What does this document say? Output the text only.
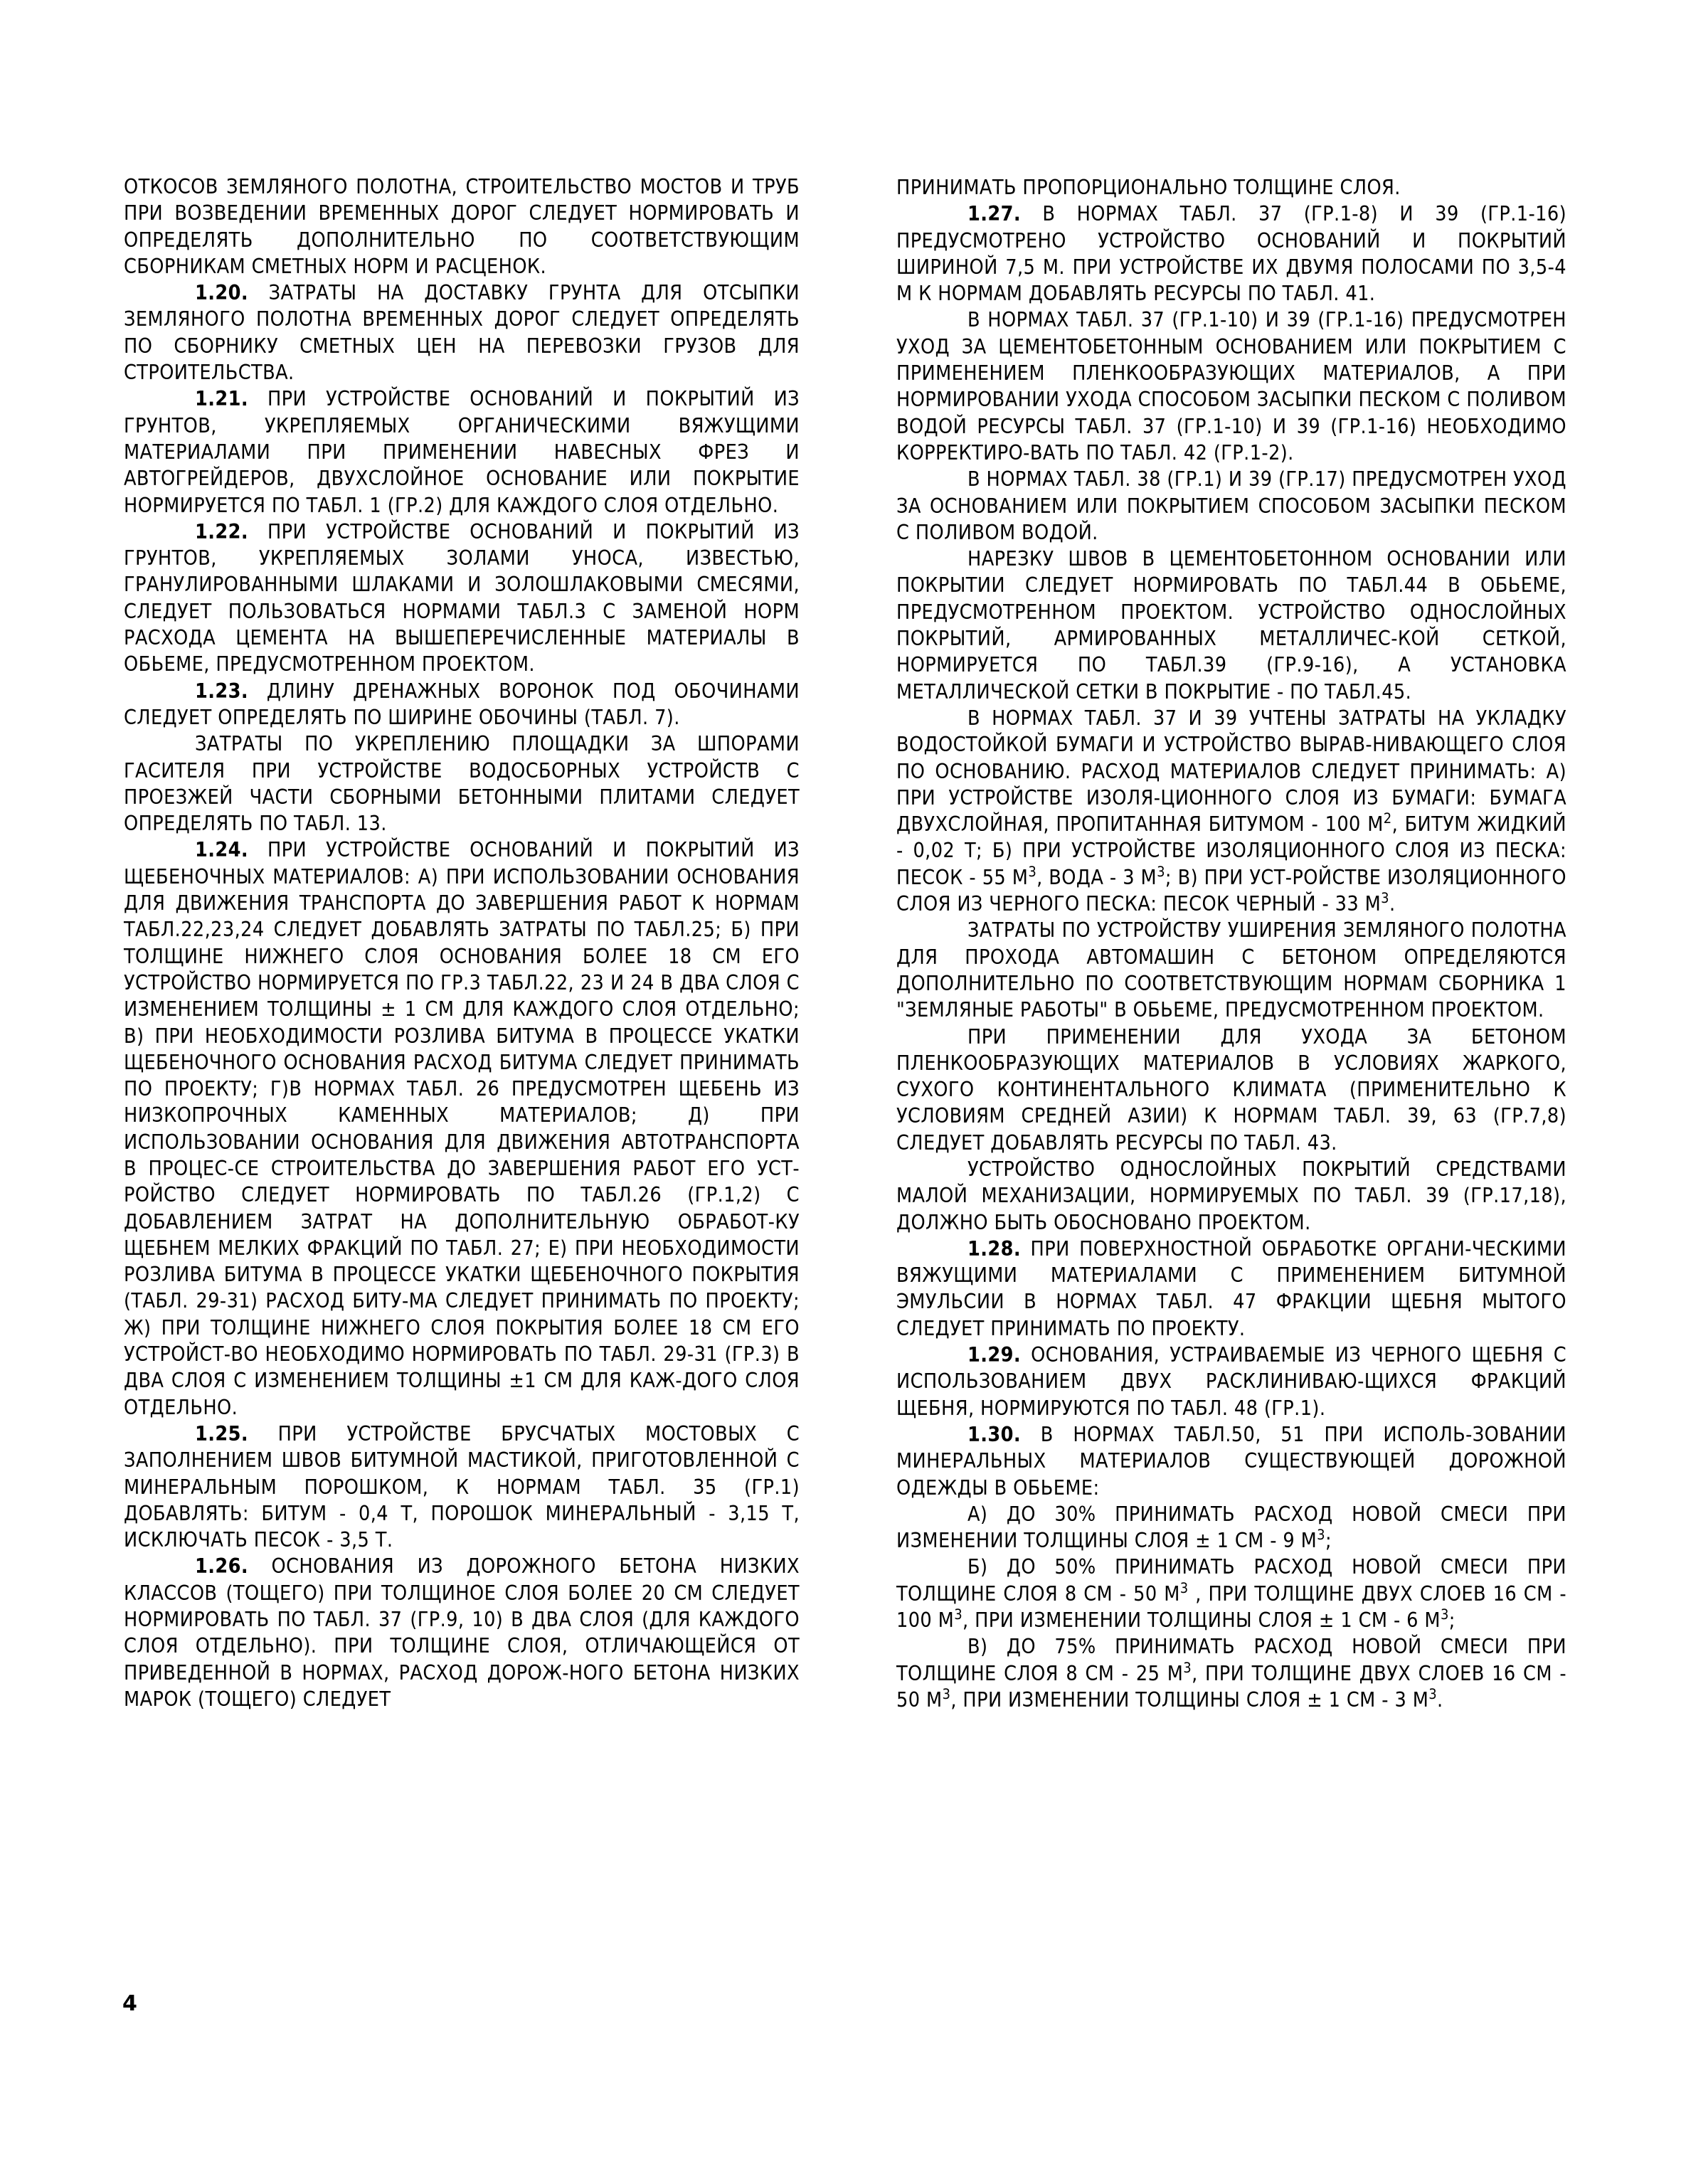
ОТКОСОВ ЗЕМЛЯНОГО ПОЛОТНА, СТРОИТЕЛЬСТВО МОСТОВ И ТРУБ ПРИ ВОЗВЕДЕНИИ ВРЕМЕННЫХ ДОРОГ СЛЕДУЕТ НОРМИРОВАТЬ И ОПРЕДЕЛЯТЬ ДОПОЛНИТЕЛЬНО ПО СООТВЕТСТВУЮЩИМ СБОРНИКАМ СМЕТНЫХ НОРМ И РАСЦЕНОК.

1.20. ЗАТРАТЫ НА ДОСТАВКУ ГРУНТА ДЛЯ ОТСЫПКИ ЗЕМЛЯНОГО ПОЛОТНА ВРЕМЕННЫХ ДОРОГ СЛЕДУЕТ ОПРЕДЕЛЯТЬ ПО СБОРНИКУ СМЕТНЫХ ЦЕН НА ПЕРЕВОЗКИ ГРУЗОВ ДЛЯ СТРОИТЕЛЬСТВА.

1.21. ПРИ УСТРОЙСТВЕ ОСНОВАНИЙ И ПОКРЫТИЙ ИЗ ГРУНТОВ, УКРЕПЛЯЕМЫХ ОРГАНИЧЕСКИМИ ВЯЖУЩИМИ МАТЕРИАЛАМИ ПРИ ПРИМЕНЕНИИ НАВЕСНЫХ ФРЕЗ И АВТОГРЕЙДЕРОВ, ДВУХСЛОЙНОЕ ОСНОВАНИЕ ИЛИ ПОКРЫТИЕ НОРМИРУЕТСЯ ПО ТАБЛ. 1 (ГР.2) ДЛЯ КАЖДОГО СЛОЯ ОТДЕЛЬНО.

1.22. ПРИ УСТРОЙСТВЕ ОСНОВАНИЙ И ПОКРЫТИЙ ИЗ ГРУНТОВ, УКРЕПЛЯЕМЫХ ЗОЛАМИ УНОСА, ИЗВЕСТЬЮ, ГРАНУЛИРОВАННЫМИ ШЛАКАМИ И ЗОЛОШЛАКОВЫМИ СМЕСЯМИ, СЛЕДУЕТ ПОЛЬЗОВАТЬСЯ НОРМАМИ ТАБЛ.3 С ЗАМЕНОЙ НОРМ РАСХОДА ЦЕМЕНТА НА ВЫШЕПЕРЕЧИСЛЕННЫЕ МАТЕРИАЛЫ В ОБЬЕМЕ, ПРЕДУСМОТРЕННОМ ПРОЕКТОМ.

1.23. ДЛИНУ ДРЕНАЖНЫХ ВОРОНОК ПОД ОБОЧИНАМИ СЛЕДУЕТ ОПРЕДЕЛЯТЬ ПО ШИРИНЕ ОБОЧИНЫ (ТАБЛ. 7).

ЗАТРАТЫ ПО УКРЕПЛЕНИЮ ПЛОЩАДКИ ЗА ШПОРАМИ ГАСИТЕЛЯ ПРИ УСТРОЙСТВЕ ВОДОСБОРНЫХ УСТРОЙСТВ С ПРОЕЗЖЕЙ ЧАСТИ СБОРНЫМИ БЕТОННЫМИ ПЛИТАМИ СЛЕДУЕТ ОПРЕДЕЛЯТЬ ПО ТАБЛ. 13.

1.24. ПРИ УСТРОЙСТВЕ ОСНОВАНИЙ И ПОКРЫТИЙ ИЗ ЩЕБЕНОЧНЫХ МАТЕРИАЛОВ: А) ПРИ ИСПОЛЬЗОВАНИИ ОСНОВАНИЯ ДЛЯ ДВИЖЕНИЯ ТРАНСПОРТА ДО ЗАВЕРШЕНИЯ РАБОТ К НОРМАМ ТАБЛ.22,23,24 СЛЕДУЕТ ДОБАВЛЯТЬ ЗАТРАТЫ ПО ТАБЛ.25; Б) ПРИ ТОЛЩИНЕ НИЖНЕГО СЛОЯ ОСНОВАНИЯ БОЛЕЕ 18 СМ ЕГО УСТРОЙСТВО НОРМИРУЕТСЯ ПО ГР.3 ТАБЛ.22, 23 И 24 В ДВА СЛОЯ С ИЗМЕНЕНИЕМ ТОЛЩИНЫ ± 1 СМ ДЛЯ КАЖДОГО СЛОЯ ОТДЕЛЬНО; В) ПРИ НЕОБХОДИМОСТИ РОЗЛИВА БИТУМА В ПРОЦЕССЕ УКАТКИ ЩЕБЕНОЧНОГО ОСНОВАНИЯ РАСХОД БИТУМА СЛЕДУЕТ ПРИНИМАТЬ ПО ПРОЕКТУ; Г)В НОРМАХ ТАБЛ. 26 ПРЕДУСМОТРЕН ЩЕБЕНЬ ИЗ НИЗКОПРОЧНЫХ КАМЕННЫХ МАТЕРИАЛОВ; Д) ПРИ ИСПОЛЬЗОВАНИИ ОСНОВАНИЯ ДЛЯ ДВИЖЕНИЯ АВТОТРАНСПОРТА В ПРОЦЕС-СЕ СТРОИТЕЛЬСТВА ДО ЗАВЕРШЕНИЯ РАБОТ ЕГО УСТ-РОЙСТВО СЛЕДУЕТ НОРМИРОВАТЬ ПО ТАБЛ.26 (ГР.1,2) С ДОБАВЛЕНИЕМ ЗАТРАТ НА ДОПОЛНИТЕЛЬНУЮ ОБРАБОТ-КУ ЩЕБНЕМ МЕЛКИХ ФРАКЦИЙ ПО ТАБЛ. 27; Е) ПРИ НЕОБХОДИМОСТИ РОЗЛИВА БИТУМА В ПРОЦЕССЕ УКАТКИ ЩЕБЕНОЧНОГО ПОКРЫТИЯ (ТАБЛ. 29-31) РАСХОД БИТУ-МА СЛЕДУЕТ ПРИНИМАТЬ ПО ПРОЕКТУ; Ж) ПРИ ТОЛЩИНЕ НИЖНЕГО СЛОЯ ПОКРЫТИЯ БОЛЕЕ 18 СМ ЕГО УСТРОЙСТ-ВО НЕОБХОДИМО НОРМИРОВАТЬ ПО ТАБЛ. 29-31 (ГР.3) В ДВА СЛОЯ С ИЗМЕНЕНИЕМ ТОЛЩИНЫ ±1 СМ ДЛЯ КАЖ-ДОГО СЛОЯ ОТДЕЛЬНО.

1.25. ПРИ УСТРОЙСТВЕ БРУСЧАТЫХ МОСТОВЫХ С ЗАПОЛНЕНИЕМ ШВОВ БИТУМНОЙ МАСТИКОЙ, ПРИГОТОВЛЕННОЙ С МИНЕРАЛЬНЫМ ПОРОШКОМ, К НОРМАМ ТАБЛ. 35 (ГР.1) ДОБАВЛЯТЬ: БИТУМ - 0,4 Т, ПОРОШОК МИНЕРАЛЬНЫЙ - 3,15 Т, ИСКЛЮЧАТЬ ПЕСОК - 3,5 Т.

1.26. ОСНОВАНИЯ ИЗ ДОРОЖНОГО БЕТОНА НИЗКИХ КЛАССОВ (ТОЩЕГО) ПРИ ТОЛЩИНОЕ СЛОЯ БОЛЕЕ 20 СМ СЛЕДУЕТ НОРМИРОВАТЬ ПО ТАБЛ. 37 (ГР.9, 10) В ДВА СЛОЯ (ДЛЯ КАЖДОГО СЛОЯ ОТДЕЛЬНО). ПРИ ТОЛЩИНЕ СЛОЯ, ОТЛИЧАЮЩЕЙСЯ ОТ ПРИВЕДЕННОЙ В НОРМАХ, РАСХОД ДОРОЖ-НОГО БЕТОНА НИЗКИХ МАРОК (ТОЩЕГО) СЛЕДУЕТ

ПРИНИМАТЬ ПРОПОРЦИОНАЛЬНО ТОЛЩИНЕ СЛОЯ.

1.27. В НОРМАХ ТАБЛ. 37 (ГР.1-8) И 39 (ГР.1-16) ПРЕДУСМОТРЕНО УСТРОЙСТВО ОСНОВАНИЙ И ПОКРЫТИЙ ШИРИНОЙ 7,5 М. ПРИ УСТРОЙСТВЕ ИХ ДВУМЯ ПОЛОСАМИ ПО 3,5-4 М К НОРМАМ ДОБАВЛЯТЬ РЕСУРСЫ ПО ТАБЛ. 41.

В НОРМАХ ТАБЛ. 37 (ГР.1-10) И 39 (ГР.1-16) ПРЕДУСМОТРЕН УХОД ЗА ЦЕМЕНТОБЕТОННЫМ ОСНОВАНИЕМ ИЛИ ПОКРЫТИЕМ С ПРИМЕНЕНИЕМ ПЛЕНКООБРАЗУЮЩИХ МАТЕРИАЛОВ, А ПРИ НОРМИРОВАНИИ УХОДА СПОСОБОМ ЗАСЫПКИ ПЕСКОМ С ПОЛИВОМ ВОДОЙ РЕСУРСЫ ТАБЛ. 37 (ГР.1-10) И 39 (ГР.1-16) НЕОБХОДИМО КОРРЕКТИРО-ВАТЬ ПО ТАБЛ. 42 (ГР.1-2).

В НОРМАХ ТАБЛ. 38 (ГР.1) И 39 (ГР.17) ПРЕДУСМОТРЕН УХОД ЗА ОСНОВАНИЕМ ИЛИ ПОКРЫТИЕМ СПОСОБОМ ЗАСЫПКИ ПЕСКОМ С ПОЛИВОМ ВОДОЙ.

НАРЕЗКУ ШВОВ В ЦЕМЕНТОБЕТОННОМ ОСНОВАНИИ ИЛИ ПОКРЫТИИ СЛЕДУЕТ НОРМИРОВАТЬ ПО ТАБЛ.44 В ОБЬЕМЕ, ПРЕДУСМОТРЕННОМ ПРОЕКТОМ. УСТРОЙСТВО ОДНОСЛОЙНЫХ ПОКРЫТИЙ, АРМИРОВАННЫХ МЕТАЛЛИЧЕС-КОЙ СЕТКОЙ, НОРМИРУЕТСЯ ПО ТАБЛ.39 (ГР.9-16), А УСТАНОВКА МЕТАЛЛИЧЕСКОЙ СЕТКИ В ПОКРЫТИЕ - ПО ТАБЛ.45.

В НОРМАХ ТАБЛ. 37 И 39 УЧТЕНЫ ЗАТРАТЫ НА УКЛАДКУ ВОДОСТОЙКОЙ БУМАГИ И УСТРОЙСТВО ВЫРАВ-НИВАЮЩЕГО СЛОЯ ПО ОСНОВАНИЮ. РАСХОД МАТЕРИАЛОВ СЛЕДУЕТ ПРИНИМАТЬ: А) ПРИ УСТРОЙСТВЕ ИЗОЛЯ-ЦИОННОГО СЛОЯ ИЗ БУМАГИ: БУМАГА ДВУХСЛОЙНАЯ, ПРОПИТАННАЯ БИТУМОМ - 100 $М^2$, БИТУМ ЖИДКИЙ - 0,02 Т; Б) ПРИ УСТРОЙСТВЕ ИЗОЛЯЦИОННОГО СЛОЯ ИЗ ПЕСКА: ПЕСОК - 55 $М^3$, ВОДА - 3 $М^3$; В) ПРИ УСТ-РОЙСТВЕ ИЗОЛЯЦИОННОГО СЛОЯ ИЗ ЧЕРНОГО ПЕСКА: ПЕСОК ЧЕРНЫЙ - 33 $М^3$.

ЗАТРАТЫ ПО УСТРОЙСТВУ УШИРЕНИЯ ЗЕМЛЯНОГО ПОЛОТНА ДЛЯ ПРОХОДА АВТОМАШИН С БЕТОНОМ ОПРЕДЕЛЯЮТСЯ ДОПОЛНИТЕЛЬНО ПО СООТВЕТСТВУЮЩИМ НОРМАМ СБОРНИКА 1 "ЗЕМЛЯНЫЕ РАБОТЫ" В ОБЬЕМЕ, ПРЕДУСМОТРЕННОМ ПРОЕКТОМ.

ПРИ ПРИМЕНЕНИИ ДЛЯ УХОДА ЗА БЕТОНОМ ПЛЕНКООБРАЗУЮЩИХ МАТЕРИАЛОВ В УСЛОВИЯХ ЖАРКОГО, СУХОГО КОНТИНЕНТАЛЬНОГО КЛИМАТА (ПРИМЕНИТЕЛЬНО К УСЛОВИЯМ СРЕДНЕЙ АЗИИ) К НОРМАМ ТАБЛ. 39, 63 (ГР.7,8) СЛЕДУЕТ ДОБАВЛЯТЬ РЕСУРСЫ ПО ТАБЛ. 43.

УСТРОЙСТВО ОДНОСЛОЙНЫХ ПОКРЫТИЙ СРЕДСТВАМИ МАЛОЙ МЕХАНИЗАЦИИ, НОРМИРУЕМЫХ ПО ТАБЛ. 39 (ГР.17,18), ДОЛЖНО БЫТЬ ОБОСНОВАНО ПРОЕКТОМ.

1.28. ПРИ ПОВЕРХНОСТНОЙ ОБРАБОТКЕ ОРГАНИ-ЧЕСКИМИ ВЯЖУЩИМИ МАТЕРИАЛАМИ С ПРИМЕНЕНИЕМ БИТУМНОЙ ЭМУЛЬСИИ В НОРМАХ ТАБЛ. 47 ФРАКЦИИ ЩЕБНЯ МЫТОГО СЛЕДУЕТ ПРИНИМАТЬ ПО ПРОЕКТУ.

1.29. ОСНОВАНИЯ, УСТРАИВАЕМЫЕ ИЗ ЧЕРНОГО ЩЕБНЯ С ИСПОЛЬЗОВАНИЕМ ДВУХ РАСКЛИНИВАЮ-ЩИХСЯ ФРАКЦИЙ ЩЕБНЯ, НОРМИРУЮТСЯ ПО ТАБЛ. 48 (ГР.1).

1.30. В НОРМАХ ТАБЛ.50, 51 ПРИ ИСПОЛЬ-ЗОВАНИИ МИНЕРАЛЬНЫХ МАТЕРИАЛОВ СУЩЕСТВУЮЩЕЙ ДОРОЖНОЙ ОДЕЖДЫ В ОБЬЕМЕ:

А) ДО 30% ПРИНИМАТЬ РАСХОД НОВОЙ СМЕСИ ПРИ ИЗМЕНЕНИИ ТОЛЩИНЫ СЛОЯ ± 1 СМ - 9 $М^3$;

Б) ДО 50% ПРИНИМАТЬ РАСХОД НОВОЙ СМЕСИ ПРИ ТОЛЩИНЕ СЛОЯ 8 СМ - 50 $М^3$ , ПРИ ТОЛЩИНЕ ДВУХ СЛОЕВ 16 СМ - 100 $М^3$, ПРИ ИЗМЕНЕНИИ ТОЛЩИНЫ СЛОЯ ± 1 СМ - 6 $М^3$;

В) ДО 75% ПРИНИМАТЬ РАСХОД НОВОЙ СМЕСИ ПРИ ТОЛЩИНЕ СЛОЯ 8 СМ - 25 $М^3$, ПРИ ТОЛЩИНЕ ДВУХ СЛОЕВ 16 СМ - 50 $М^3$, ПРИ ИЗМЕНЕНИИ ТОЛЩИНЫ СЛОЯ ± 1 СМ - 3 $М^3$.

4
